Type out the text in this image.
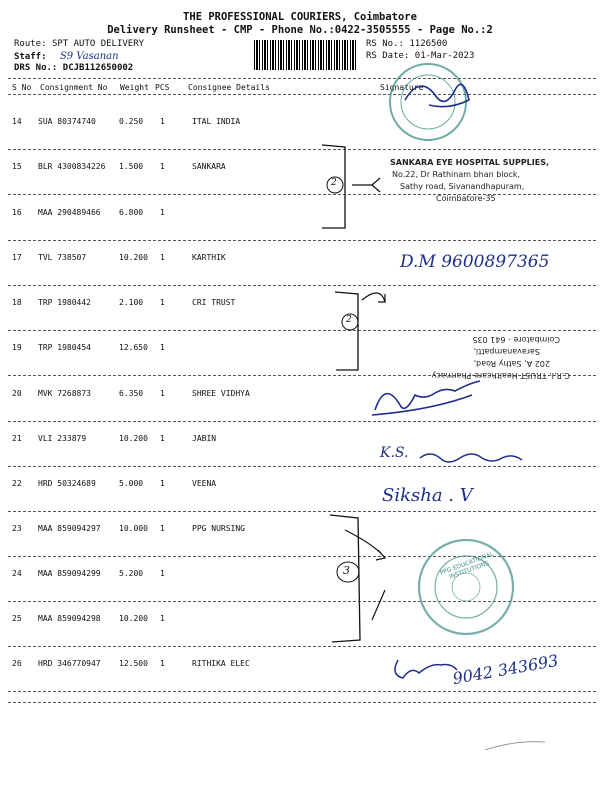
THE PROFESSIONAL COURIERS, Coimbatore
Delivery Runsheet - CMP - Phone No.:0422-3505555 - Page No.:2
Route: SPT AUTO DELIVERY
Staff: S9 Vasanan
DRS No.: DCJB112650002
RS No.: 1126500
RS Date: 01-Mar-2023
S No Consignment No Weight PCS Consignee Details	Signature
14 SUA 80374740	0.250 1	ITAL INDIA
15 BLR 4300834226 1.500 1	SANKARA
16 MAA 290489466 6.800 1
17 TVL 738507	10.200 1	KARTHIK
18 TRP 1980442	2.100 1	CRI TRUST
19 TRP 1980454	12.650 1
20 MVK 7268873	6.350 1	SHREE VIDHYA
21 VLI 233879	10.200 1	JABIN
22 HRD 50324689	5.000 1	VEENA
23 MAA 859094297 10.000 1	PPG NURSING
24 MAA 859094299 5.200 1
25 MAA 859094298 10.200 1
26 HRD 346770947 12.500 1	RITHIKA ELEC
SANKARA EYE HOSPITAL SUPPLIES,
No.22, Dr Rathinam bhan block,
Sathy road, Sivanandhapuram,
Coimbatore-35
C.R.I. TRUST Healthcare-Pharmacy
202 A, Sathy Road,
Saravanampatti,
Coimbatore - 641 035
PPG EDUCATIONAL INSTITUTIONS
D.M 9600897365
K.S.
Siksha . V
9042 343693
2
2
3
